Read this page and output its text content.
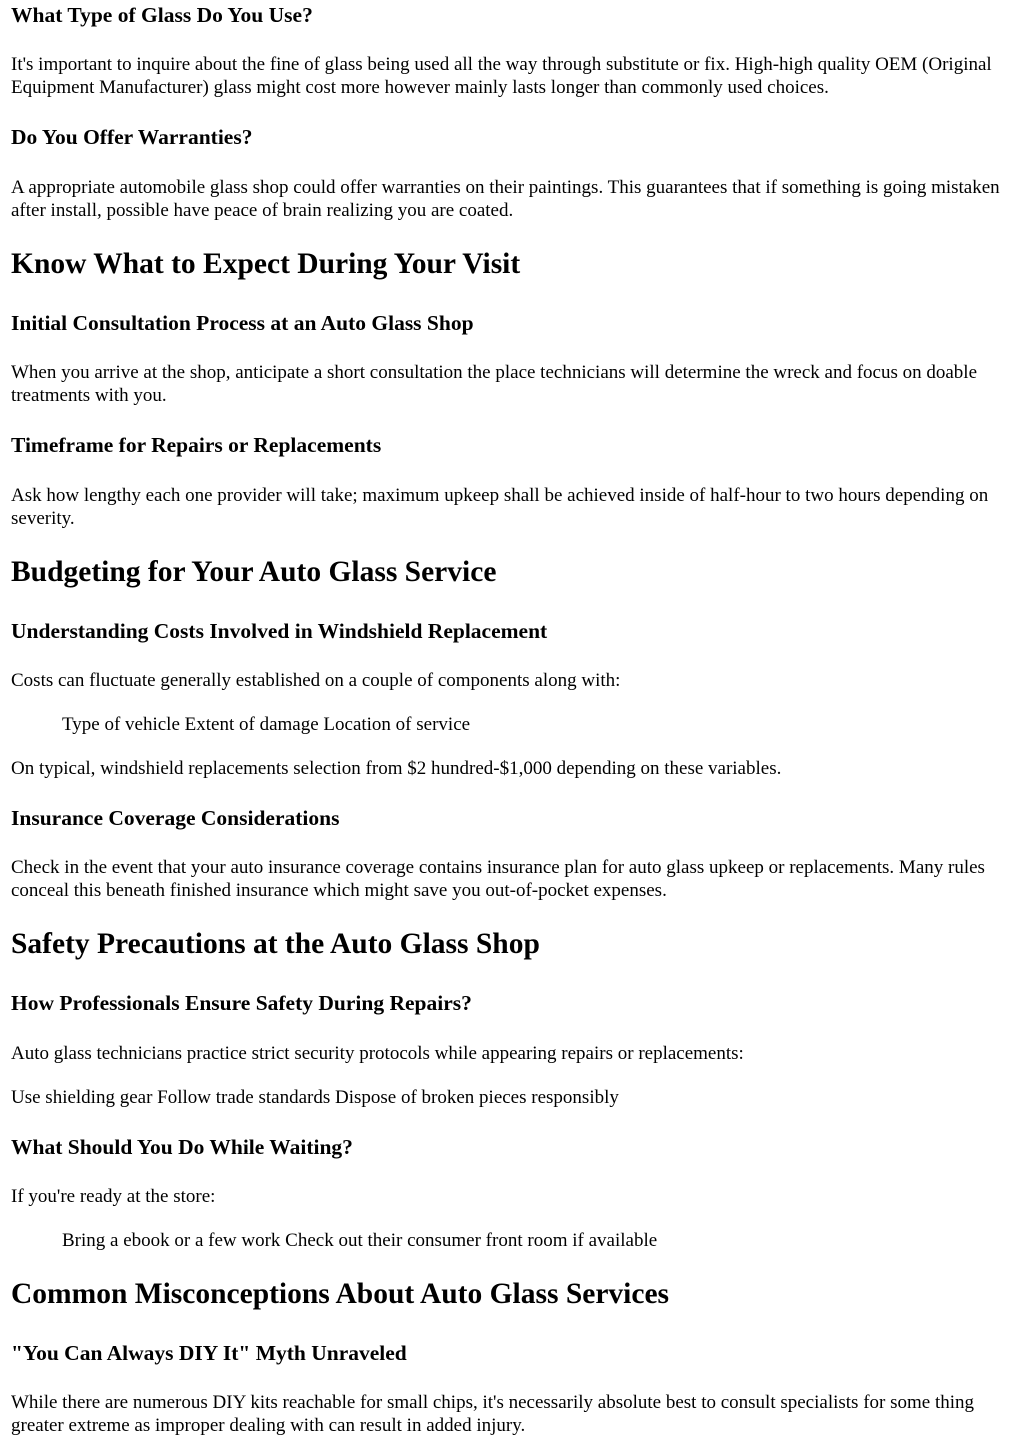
What Type of Glass Do You Use?

It's important to inquire about the fine of glass being used all the way through substitute or fix. High-high quality OEM (Original Equipment Manufacturer) glass might cost more however mainly lasts longer than commonly used choices.

Do You Offer Warranties?

A appropriate automobile glass shop could offer warranties on their paintings. This guarantees that if something is going mistaken after install, possible have peace of brain realizing you are coated.

Know What to Expect During Your Visit
Initial Consultation Process at an Auto Glass Shop

When you arrive at the shop, anticipate a short consultation the place technicians will determine the wreck and focus on doable treatments with you.

Timeframe for Repairs or Replacements

Ask how lengthy each one provider will take; maximum upkeep shall be achieved inside of half-hour to two hours depending on severity.

Budgeting for Your Auto Glass Service
Understanding Costs Involved in Windshield Replacement

Costs can fluctuate generally established on a couple of components along with:

Type of vehicle Extent of damage Location of service

On typical, windshield replacements selection from $2 hundred-$1,000 depending on these variables.

Insurance Coverage Considerations

Check in the event that your auto insurance coverage contains insurance plan for auto glass upkeep or replacements. Many rules conceal this beneath finished insurance which might save you out-of-pocket expenses.

Safety Precautions at the Auto Glass Shop
How Professionals Ensure Safety During Repairs?

Auto glass technicians practice strict security protocols while appearing repairs or replacements:

Use shielding gear Follow trade standards Dispose of broken pieces responsibly

What Should You Do While Waiting?

If you're ready at the store:

Bring a ebook or a few work Check out their consumer front room if available

Common Misconceptions About Auto Glass Services
"You Can Always DIY It" Myth Unraveled

While there are numerous DIY kits reachable for small chips, it's necessarily absolute best to consult specialists for some thing greater extreme as improper dealing with can result in added injury.
